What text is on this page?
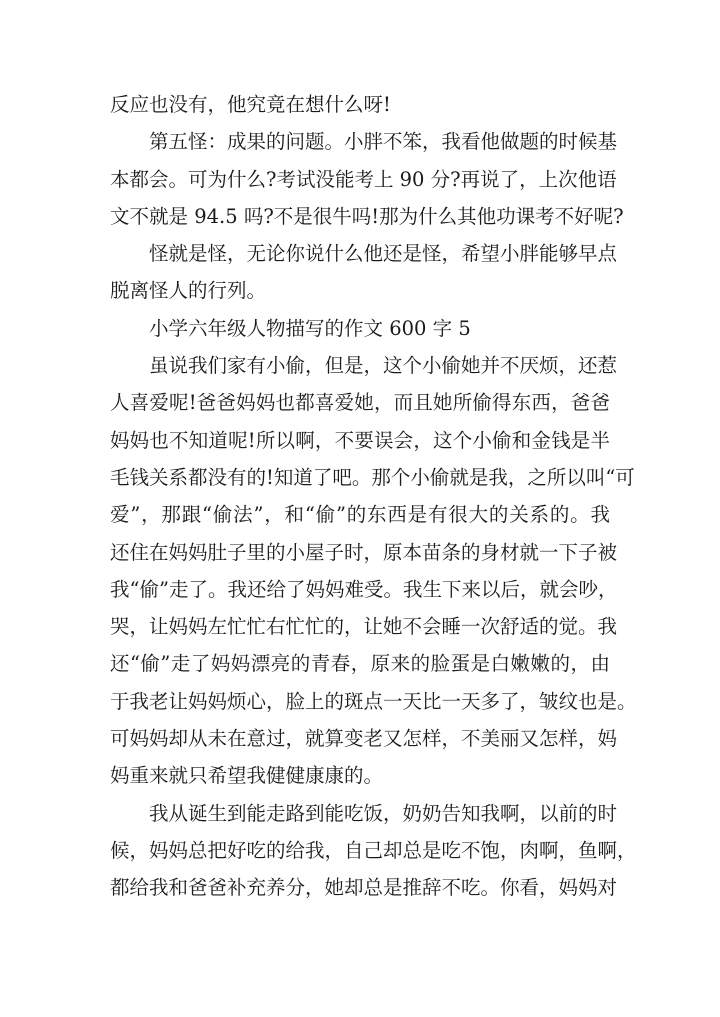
反应也没有，他究竟在想什么呀!
第五怪：成果的问题。小胖不笨，我看他做题的时候基
本都会。可为什么?考试没能考上 90 分?再说了，上次他语
文不就是 94.5 吗?不是很牛吗!那为什么其他功课考不好呢?
怪就是怪，无论你说什么他还是怪，希望小胖能够早点
脱离怪人的行列。
小学六年级人物描写的作文 600 字 5
虽说我们家有小偷，但是，这个小偷她并不厌烦，还惹
人喜爱呢!爸爸妈妈也都喜爱她，而且她所偷得东西，爸爸
妈妈也不知道呢!所以啊，不要误会，这个小偷和金钱是半
毛钱关系都没有的!知道了吧。那个小偷就是我，之所以叫“可
爱”，那跟“偷法”，和“偷”的东西是有很大的关系的。我
还住在妈妈肚子里的小屋子时，原本苗条的身材就一下子被
我“偷”走了。我还给了妈妈难受。我生下来以后，就会吵，
哭，让妈妈左忙忙右忙忙的，让她不会睡一次舒适的觉。我
还“偷”走了妈妈漂亮的青春，原来的脸蛋是白嫩嫩的，由
于我老让妈妈烦心，脸上的斑点一天比一天多了，皱纹也是。
可妈妈却从未在意过，就算变老又怎样，不美丽又怎样，妈
妈重来就只希望我健健康康的。
我从诞生到能走路到能吃饭，奶奶告知我啊，以前的时
候，妈妈总把好吃的给我，自己却总是吃不饱，肉啊，鱼啊，
都给我和爸爸补充养分，她却总是推辞不吃。你看，妈妈对
